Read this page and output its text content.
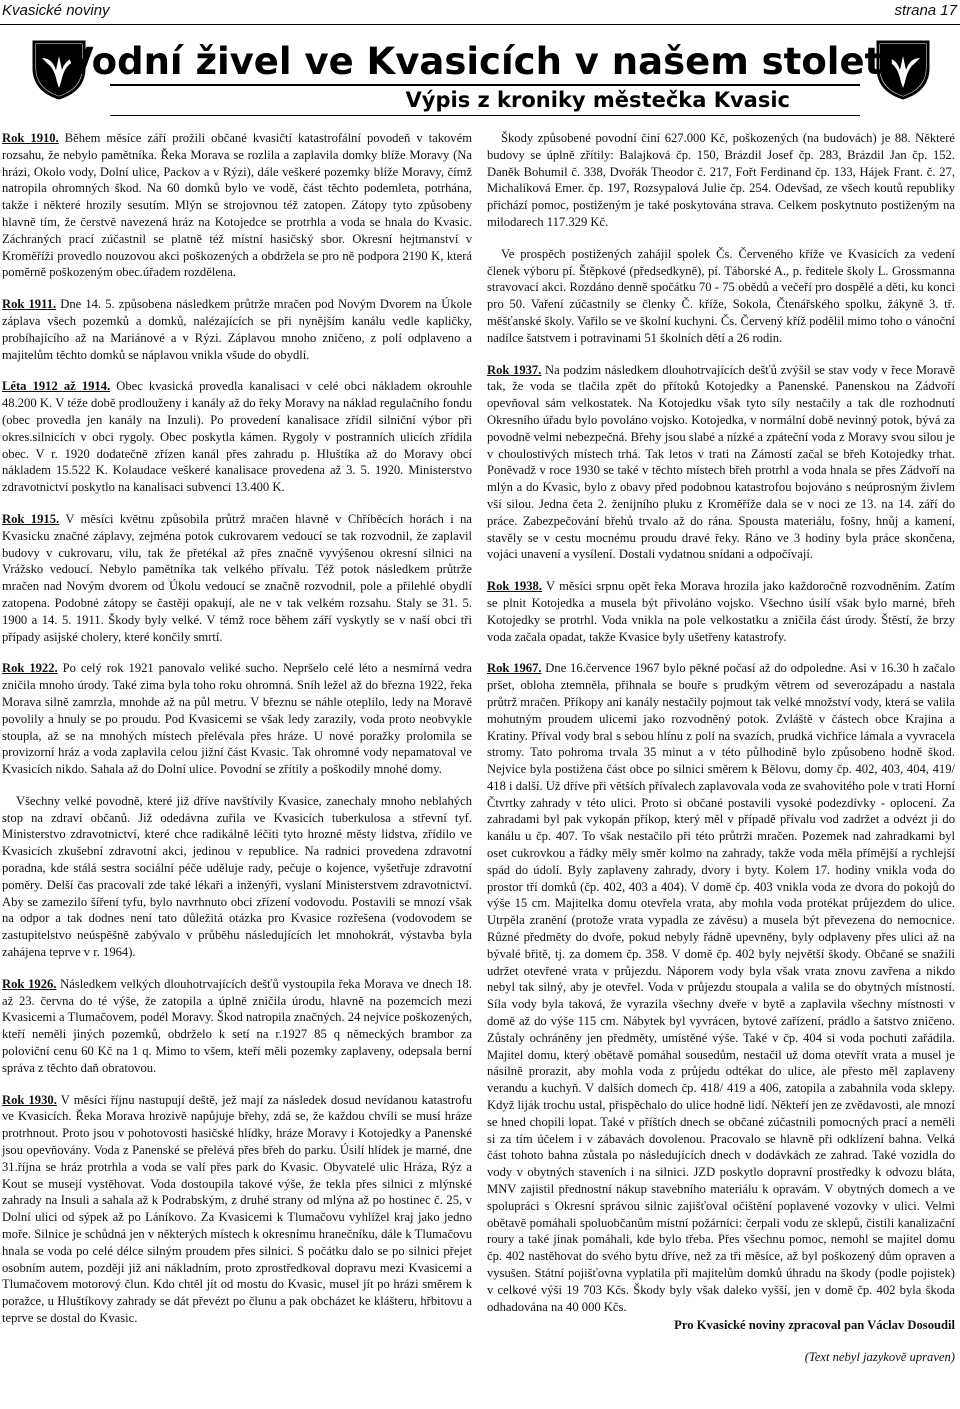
Kvasické noviny	strana 17
Vodní živel ve Kvasicích v našem století
Výpis z kroniky městečka Kvasic

Rok 1910. Během měsíce září prožili občané kvasičtí katastrofální povodeň v takovém rozsahu, že nebylo pamětníka. Řeka Morava se rozlila a zaplavila domky blíže Moravy (Na hrázi, Okolo vody, Dolní ulice, Packov a v Rýzi), dále veškeré pozemky blíže Moravy, čímž natropila ohromných škod. Na 60 domků bylo ve vodě, část těchto podemleta, potrhána, takže i některé hrozily sesutím. Mlýn se strojovnou též zatopen. Zátopy tyto způsobeny hlavně tím, že čerstvě navezená hráz na Kotojedce se protrhla a voda se hnala do Kvasic. Záchraných prací zúčastnil se platně též místní hasičský sbor. Okresní hejtmanství v Kroměříži provedlo nouzovou akci poškozených a obdržela se pro ně podpora 2190 K, která poměrně poškozeným obec.úřadem rozdělena.

Rok 1911. Dne 14. 5. způsobena následkem průtrže mračen pod Novým Dvorem na Úkole záplava všech pozemků a domků, nalézajících se při nynějším kanálu vedle kapličky, probíhajícího až na Mariánové a v Rýzi. Záplavou mnoho zničeno, z polí odplaveno a majitelům těchto domků se náplavou vnikla všude do obydlí.

Léta 1912 až 1914. Obec kvasická provedla kanalisaci v celé obci nákladem okrouhle 48.200 K. V téže době prodlouženy i kanály až do řeky Moravy na náklad regulačního fondu (obec provedla jen kanály na Inzuli). Po provedení kanalisace zřídil silniční výbor při okres.silnicích v obci rygoly. Obec poskytla kámen. Rygoly v postranních ulicích zřídila obec. V r. 1920 dodatečně zřízen kanál přes zahradu p. Hluštíka až do Moravy obcí nákladem 15.522 K. Kolaudace veškeré kanalisace provedena až 3. 5. 1920. Ministerstvo zdravotnictví poskytlo na kanalisaci subvenci 13.400 K.

Rok 1915. V měsíci květnu způsobila průtrž mračen hlavně v Chříběcích horách i na Kvasicku značné záplavy, zejména potok cukrovarem vedoucí se tak rozvodnil, že zaplavil budovy v cukrovaru, vilu, tak že přetékal až přes značně vyvýšenou okresní silnici na Vrážsko vedoucí. Nebylo pamětníka tak velkého přívalu. Též potok následkem průtrže mračen nad Novým dvorem od Úkolu vedoucí se značně rozvodnil, pole a přilehlé obydlí zatopena. Podobné zátopy se častěji opakují, ale ne v tak velkém rozsahu. Staly se 31. 5. 1900 a 14. 5. 1911. Škody byly velké. V témž roce během září vyskytly se v naší obci tři případy asijské cholery, které končily smrtí.

Rok 1922. Po celý rok 1921 panovalo veliké sucho. Nepršelo celé léto a nesmírná vedra zničila mnoho úrody. Také zima byla toho roku ohromná. Sníh ležel až do března 1922, řeka Morava silně zamrzla, mnohde až na půl metru. V březnu se náhle oteplilo, ledy na Moravě povolily a hnuly se po proudu. Pod Kvasicemi se však ledy zarazily, voda proto neobvykle stoupla, až se na mnohých místech přelévala přes hráze. U nové poražky prolomila se provizorní hráz a voda zaplavila celou jižní část Kvasic. Tak ohromné vody nepamatoval ve Kvasicích nikdo. Sahala až do Dolní ulice. Povodní se zřítily a poškodily mnohé domy.

Všechny velké povodně, které již dříve navštívily Kvasice, zanechaly mnoho neblahých stop na zdraví občanů. Již odedávna zuřila ve Kvasicích tuberkulosa a střevní tyf. Ministerstvo zdravotnictví, které chce radikálně léčiti tyto hrozné městy lidstva, zřídilo ve Kvasicích zkušební zdravotní akci, jedinou v republice. Na radnici provedena zdravotní poradna, kde stálá sestra sociální péče uděluje rady, pečuje o kojence, vyšetřuje zdravotní poměry. Delší čas pracovali zde také lékaři a inženýři, vyslaní Ministerstvem zdravotnictví. Aby se zamezilo šíření tyfu, bylo navrhnuto obci zřízení vodovodu. Postavili se mnozí však na odpor a tak dodnes není tato důležitá otázka pro Kvasice rozřešena (vodovodem se zastupitelstvo neúspěšně zabývalo v průběhu následujících let mnohokrát, výstavba byla zahájena teprve v r. 1964).

Rok 1926. Následkem velkých dlouhotrvajících dešťů vystoupila řeka Morava ve dnech 18. až 23. června do té výše, že zatopila a úplně zničila úrodu, hlavně na pozemcích mezi Kvasicemi a Tlumačovem, podél Moravy. Škod natropila značných. 24 nejvíce poškozených, kteří neměli jiných pozemků, obdrželo k setí na r.1927 85 q německých brambor za poloviční cenu 60 Kč na 1 q. Mimo to všem, kteří měli pozemky zaplaveny, odepsala berní správa z těchto daň obratovou.

Rok 1930. V měsíci říjnu nastupují deště, jež mají za následek dosud nevídanou katastrofu ve Kvasicích. Řeka Morava hrozivě napůjuje břehy, zdá se, že každou chvíli se musí hráze protrhnout. Proto jsou v pohotovosti hasičské hlídky, hráze Moravy i Kotojedky a Panenské jsou opevňovány. Voda z Panenské se přelévá přes břeh do parku. Úsilí hlídek je marné, dne 31.října se hráz protrhla a voda se valí přes park do Kvasic. Obyvatelé ulic Hráza, Rýz a Kout se musejí vystěhovat. Voda dostoupila takové výše, že tekla přes silnici z mlýnské zahrady na Insuli a sahala až k Podrabským, z druhé strany od mlýna až po hostinec č. 25, v Dolní ulici od sýpek až po Láníkovo. Za Kvasicemi k Tlumačovu vyhlížel kraj jako jedno moře. Silnice je schůdná jen v některých místech k okresnímu hranečníku, dále k Tlumačovu hnala se voda po celé délce silným proudem přes silnici. S počátku dalo se po silnici přejet osobním autem, později již ani nákladním, proto zprostředkoval dopravu mezi Kvasicemi a Tlumačovem motorový člun. Kdo chtěl jít od mostu do Kvasic, musel jít po hrázi směrem k poražce, u Hluštíkovy zahrady se dát převézt po člunu a pak obcházet ke klášteru, hřbitovu a teprve se dostal do Kvasic.

Škody způsobené povodní činí 627.000 Kč, poškozených (na budovách) je 88. Některé budovy se úplně zřítily: Balajková čp. 150, Brázdil Josef čp. 283, Brázdil Jan čp. 152. Daněk Bohumil č. 338, Dvořák Theodor č. 217, Fořt Ferdinand čp. 133, Hájek Frant. č. 27, Michalíková Emer. čp. 197, Rozsypalová Julie čp. 254. Odevšad, ze všech koutů republiky přichází pomoc, postiženým je také poskytována strava. Celkem poskytnuto postiženým na milodarech 117.329 Kč.

Ve prospěch postižených zahájil spolek Čs. Červeného kříže ve Kvasicích za vedení členek výboru pí. Štěpkové (předsedkyně), pí. Táborské A., p. ředitele školy L. Grossmanna stravovací akci. Rozdáno denně spočátku 70 - 75 obědů a večeří pro dospělé a děti, ku konci pro 50. Vaření zúčastnily se členky Č. kříže, Sokola, Čtenářského spolku, žákyně 3. tř. měšťanské školy. Vařilo se ve školní kuchyni. Čs. Červený kříž podělil mimo toho o vánoční nadílce šatstvem i potravinami 51 školních dětí a 26 rodin.

Rok 1937. Na podzim následkem dlouhotrvajících dešťů zvýšil se stav vody v řece Moravě tak, že voda se tlačila zpět do přítoků Kotojedky a Panenské. Panenskou na Zádvoří opevňoval sám velkostatek. Na Kotojedku však tyto síly nestačily a tak dle rozhodnutí Okresního úřadu bylo povoláno vojsko. Kotojedka, v normální době nevinný potok, bývá za povodně velmi nebezpečná. Břehy jsou slabé a nízké a zpáteční voda z Moravy svou silou je v choulostivých místech trhá. Tak letos v trati na Zámostí začal se břeh Kotojedky trhat. Poněvadž v roce 1930 se také v těchto místech břeh protrhl a voda hnala se přes Zádvoří na mlýn a do Kvasic, bylo z obavy před podobnou katastrofou bojováno s neúprosným živlem vší silou. Jedna četa 2. ženijního pluku z Kroměříže dala se v noci ze 13. na 14. září do práce. Zabezpečování břehů trvalo až do rána. Spousta materiálu, fošny, hnůj a kamení, stavěly se v cestu mocnému proudu dravé řeky. Ráno ve 3 hodiny byla práce skončena, vojáci unavení a vysílení. Dostali vydatnou snídani a odpočívají.

Rok 1938. V měsíci srpnu opět řeka Morava hrozila jako každoročně rozvodněním. Zatím se plnit Kotojedka a musela být přivoláno vojsko. Všechno úsilí však bylo marné, břeh Kotojedky se protrhl. Voda vnikla na pole velkostatku a zničila část úrody. Štěstí, že brzy voda začala opadat, takže Kvasice byly ušetřeny katastrofy.

Rok 1967. Dne 16.července 1967 bylo pěkné počasí až do odpoledne. Asi v 16.30 h začalo pršet, obloha ztemněla, přihnala se bouře s prudkým větrem od severozápadu a nastala průtrž mračen. Příkopy ani kanály nestačily pojmout tak velké množství vody, která se valila mohutným proudem ulicemi jako rozvodněný potok. Zvláště v částech obce Krajina a Kratiny. Příval vody bral s sebou hlínu z polí na svazích, prudká vichřice lámala a vyvracela stromy. Tato pohroma trvala 35 minut a v této půlhodině bylo způsobeno hodně škod. Nejvíce byla postižena část obce po silnici směrem k Bělovu, domy čp. 402, 403, 404, 419/ 418 i další. Už dříve při větších přívalech zaplavovala voda ze svahovitého pole v trati Horní Čtvrtky zahrady v této ulici. Proto si občané postavili vysoké podezdívky - oplocení. Za zahradami byl pak vykopán příkop, který měl v případě přívalu vod zadržet a odvézt ji do kanálu u čp. 407. To však nestačilo při této průtrži mračen. Pozemek nad zahradkami byl oset cukrovkou a řádky měly směr kolmo na zahrady, takže voda měla přímější a rychlejší spád do údolí. Byly zaplaveny zahrady, dvory i byty. Kolem 17. hodiny vnikla voda do prostor tří domků (čp. 402, 403 a 404). V domě čp. 403 vnikla voda ze dvora do pokojů do výše 15 cm. Majitelka domu otevřela vrata, aby mohla voda protékat průjezdem do ulice. Utrpěla zranění (protože vrata vypadla ze závěsu) a musela být převezena do nemocnice. Různé předměty do dvoře, pokud nebyly řádně upevněny, byly odplaveny přes ulici až na bývalé břitě, tj. za domem čp. 358. V domě čp. 402 byly největší škody. Občané se snažili udržet otevřené vrata v průjezdu. Náporem vody byla však vrata znovu zavřena a nikdo nebyl tak silný, aby je otevřel. Voda v průjezdu stoupala a valila se do obytných místností. Síla vody byla taková, že vyrazila všechny dveře v bytě a zaplavila všechny místnosti v domě až do výše 115 cm. Nábytek byl vyvrácen, bytové zařízení, prádlo a šatstvo zničeno. Zůstaly ochráněny jen předměty, umístěné výše. Také v čp. 404 si voda pochuti zařádila. Majitel domu, který obětavě pomáhal sousedům, nestačil už doma otevřít vrata a musel je násilně prorazit, aby mohla voda z průjedu odtékat do ulice, ale přesto měl zaplaveny verandu a kuchyň. V dalších domech čp. 418/ 419 a 406, zatopila a zabahnila voda sklepy. Když liják trochu ustal, přispěchalo do ulice hodně lidí. Někteří jen ze zvědavosti, ale mnozí se hned chopili lopat. Také v příštích dnech se občané zúčastnili pomocných prací a neměli si za tím účelem i v zábavách dovolenou. Pracovalo se hlavně při odklízení bahna. Velká část tohoto bahna zůstala po následujících dnech v dodávkách ze zahrad. Také vozidla do vody v obytných staveních i na silnici. JZD poskytlo dopravní prostředky k odvozu bláta, MNV zajistil přednostní nákup stavebního materiálu k opravám. V obytných domech a ve spolupráci s Okresní správou silnic zajišťoval očištění poplavené vozovky v ulici. Velmi obětavě pomáhali spoluobčanům místní požárníci: čerpali vodu ze sklepů, čistili kanalizační roury a také jinak pomáhali, kde bylo třeba. Přes všechnu pomoc, nemohl se majitel domu čp. 402 nastěhovat do svého bytu dříve, než za tři měsíce, až byl poškozený dům opraven a vysušen. Státní pojišťovna vyplatila při majitelům domků úhradu na škody (podle pojistek) v celkové výši 19 703 Kčs. Škody byly však daleko vyšší, jen v domě čp. 402 byla škoda odhadována na 40 000 Kčs.

Pro Kvasické noviny zpracoval pan Václav Dosoudil

(Text nebyl jazykově upraven)
